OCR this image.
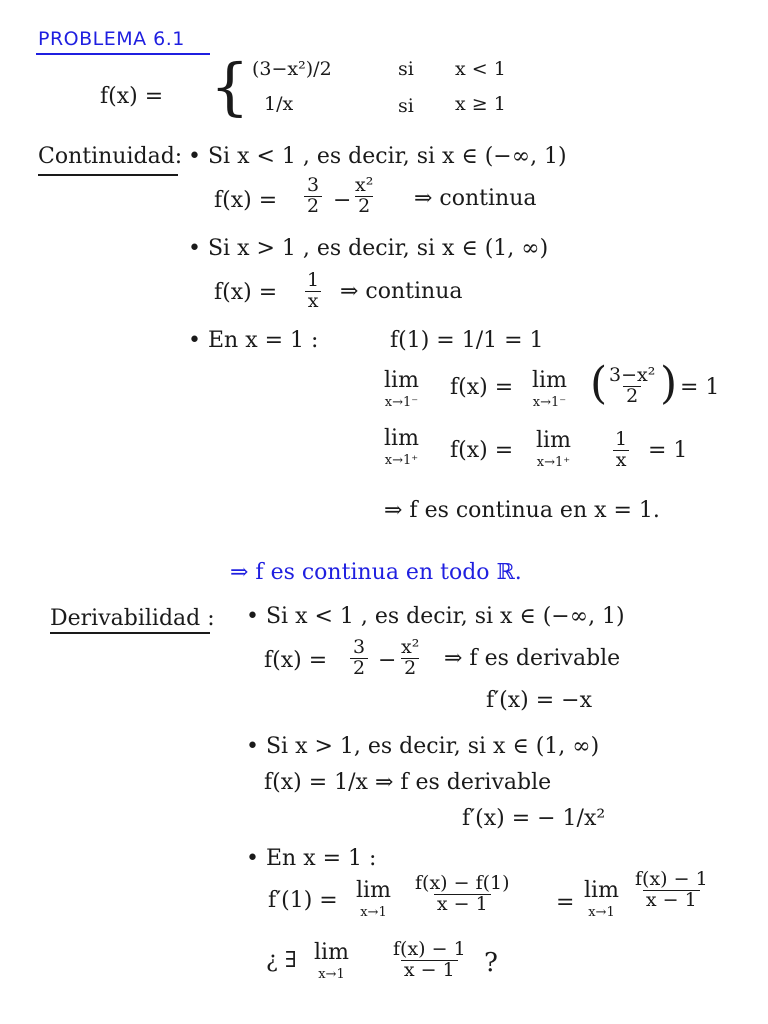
PROBLEMA 6.1
f(x) = { (3−x²)/2	si x < 1
1/x	si x ≥ 1
Continuidad: • Si x < 1 , es decir, si x ∈ (−∞, 1)
$f(x) = \frac{3}{2} - \frac{\text{x²}}{2}$ ⇒ continua
• Si x > 1 , es decir, si x ∈ (1, ∞)
$f(x) = \frac{1}{x}$ ⇒ continua
• En x = 1 :	f(1) = 1/1 = 1
lim
x→1⁻
f(x) = lim
x→1⁻ (
$\frac{\text{3−x²}}{2}$ ) = 1
lim
x→1⁺ f(x) = lim
$x\to 1^+ \frac{1}{x} = 1$
⇒ f es continua en x = 1.
⇒ f es continua en todo ℝ.
Derivabilidad : • Si x < 1 , es decir, si x ∈ (−∞, 1)
$f(x) = \frac{3}{2} - \frac{\text{x²}}{2}$ ⇒ f es derivable
f′(x) = −x
• Si x > 1, es decir, si x ∈ (1, ∞)
f(x) = 1/x ⇒ f es derivable
f′(x) = − 1/x²
• En x = 1 :
f′(1) = lim
$x\to 1 \frac{f(x) - f(1)}{x - 1} = \lim$
x→1
$\frac{f(x) - 1}{x - 1}$
¿ ∃ lim
$x\to 1 \frac{f(x) - 1}{x - 1}$ ?
